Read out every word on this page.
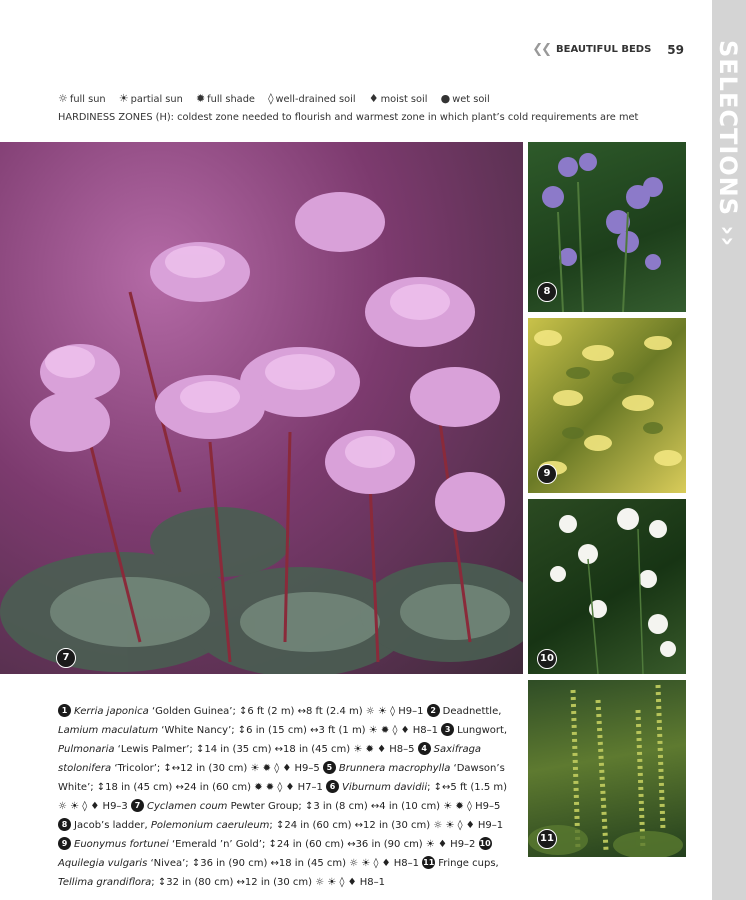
SELECTIONS ››
❮❮ BEAUTIFUL BEDS 59
☼ full sun ☀ partial sun ✹ full shade ◊ well-drained soil ♦ moist soil ● wet soil
HARDINESS ZONES (H): coldest zone needed to flourish and warmest zone in which plant’s cold requirements are met
7
8
9
10
11
1 Kerria japonica ‘Golden Guinea’; ↕6 ft (2 m) ↔8 ft (2.4 m) ☼ ☀ ◊ H9–1 2 Deadnettle, Lamium maculatum ‘White Nancy’; ↕6 in (15 cm) ↔3 ft (1 m) ☀ ✹ ◊ ♦ H8–1 3 Lungwort, Pulmonaria ‘Lewis Palmer’; ↕14 in (35 cm) ↔18 in (45 cm) ☀ ✹ ♦ H8–5 4 Saxifraga stolonifera ‘Tricolor’; ↕↔12 in (30 cm) ☀ ✹ ◊ ♦ H9–5 5 Brunnera macrophylla ‘Dawson’s White’; ↕18 in (45 cm) ↔24 in (60 cm) ✹ ✹ ◊ ♦ H7–1 6 Viburnum davidii; ↕↔5 ft (1.5 m) ☼ ☀ ◊ ♦ H9–3 7 Cyclamen coum Pewter Group; ↕3 in (8 cm) ↔4 in (10 cm) ☀ ✹ ◊ H9–5 8 Jacob’s ladder, Polemonium caeruleum; ↕24 in (60 cm) ↔12 in (30 cm) ☼ ☀ ◊ ♦ H9–1 9 Euonymus fortunei ‘Emerald ’n’ Gold’; ↕24 in (60 cm) ↔36 in (90 cm) ☀ ♦ H9–2 10Aquilegia vulgaris ‘Nivea’; ↕36 in (90 cm) ↔18 in (45 cm) ☼ ☀ ◊ ♦ H8–1 11 Fringe cups, Tellima grandiflora; ↕32 in (80 cm) ↔12 in (30 cm) ☼ ☀ ◊ ♦ H8–1
